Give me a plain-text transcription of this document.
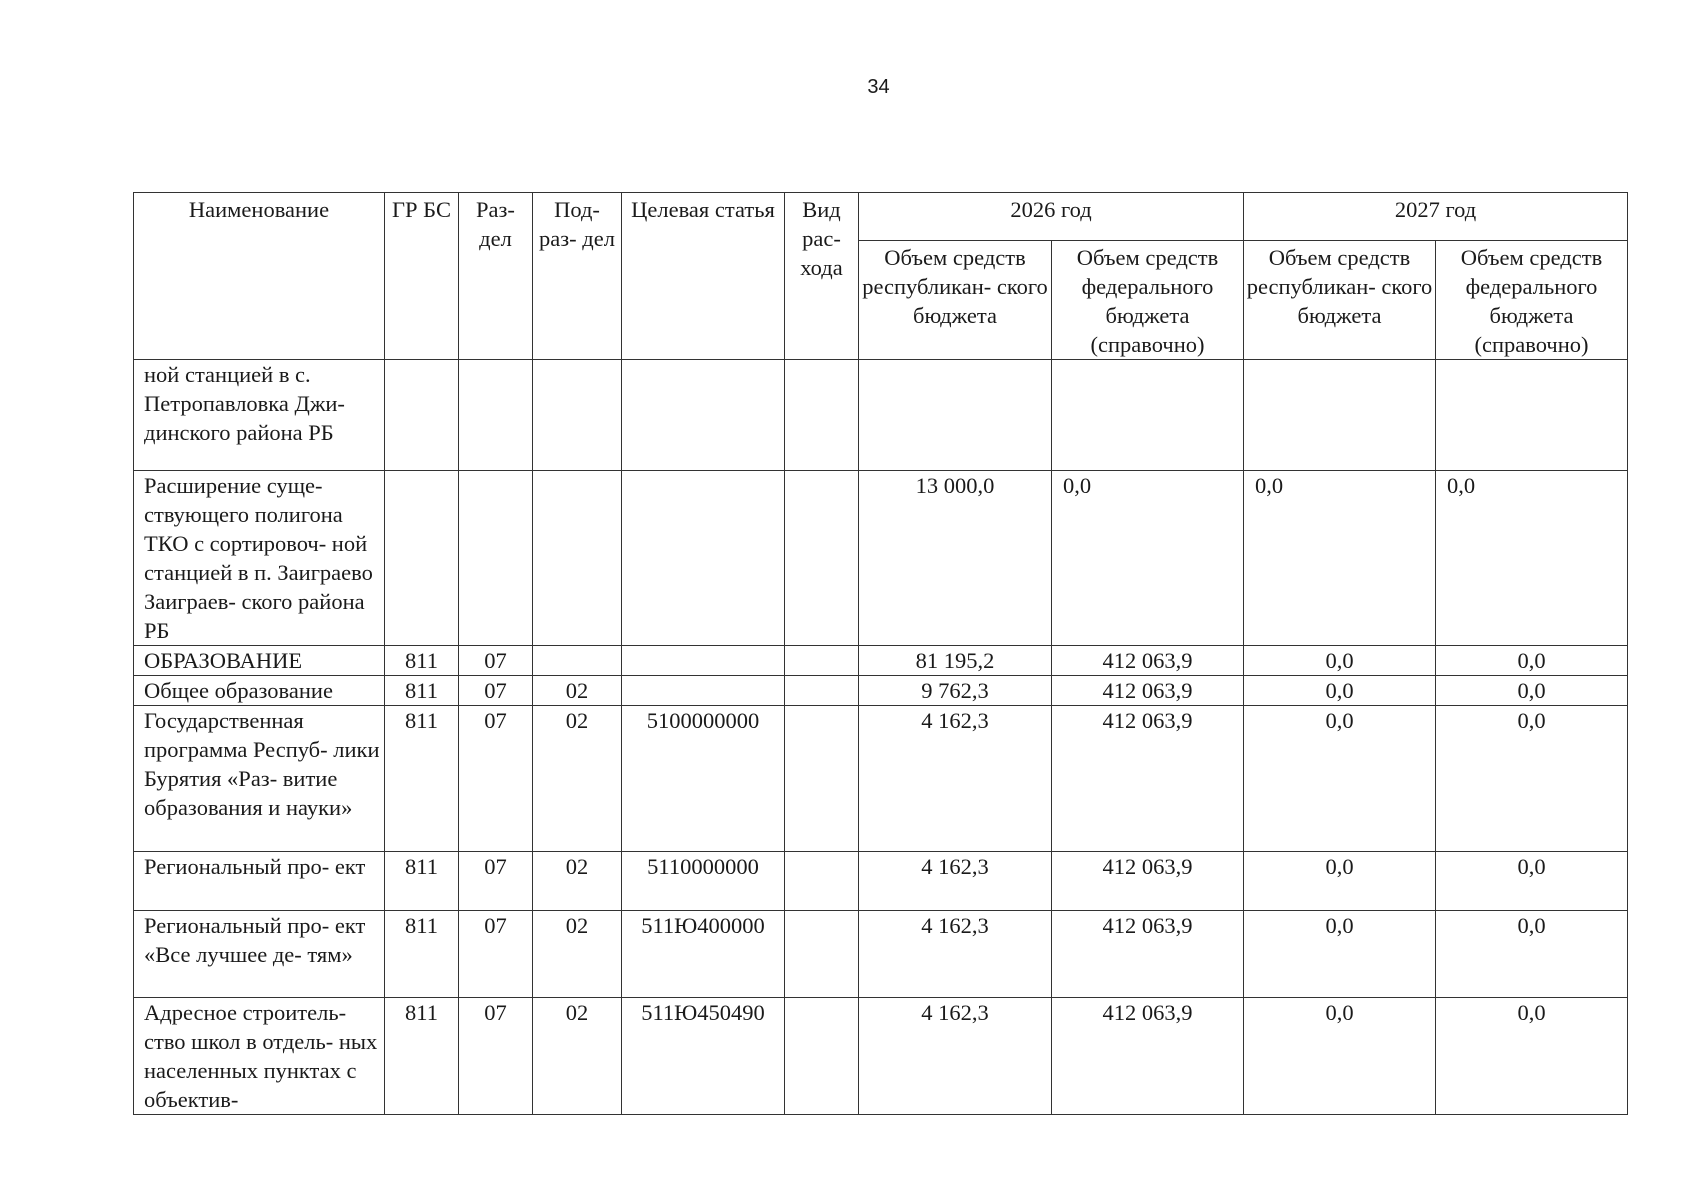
34
Наименование	ГР БС	Раз- дел	Под- раз- дел	Целевая статья	Вид рас- хода	2026 год		2027 год	
						Объем средств республикан- ского бюджета	Объем средств федерального бюджета (справочно)	Объем средств республикан- ского бюджета	Объем средств федерального бюджета (справочно)
ной станцией в с. Петропавловка Джи- динского района РБ									
Расширение суще- ствующего полигона ТКО с сортировоч- ной станцией в п. Заиграево Заиграев- ского района РБ						13 000,0	0,0	0,0	0,0
ОБРАЗОВАНИЕ	811	07				81 195,2	412 063,9	0,0	0,0
Общее образование	811	07	02			9 762,3	412 063,9	0,0	0,0
Государственная программа Респуб- лики Бурятия «Раз- витие образования и науки»	811	07	02	5100000000		4 162,3	412 063,9	0,0	0,0
Региональный про- ект	811	07	02	5110000000		4 162,3	412 063,9	0,0	0,0
Региональный про- ект «Все лучшее де- тям»	811	07	02	511Ю400000		4 162,3	412 063,9	0,0	0,0
Адресное строитель- ство школ в отдель- ных населенных пунктах с объектив-	811	07	02	511Ю450490		4 162,3	412 063,9	0,0	0,0
